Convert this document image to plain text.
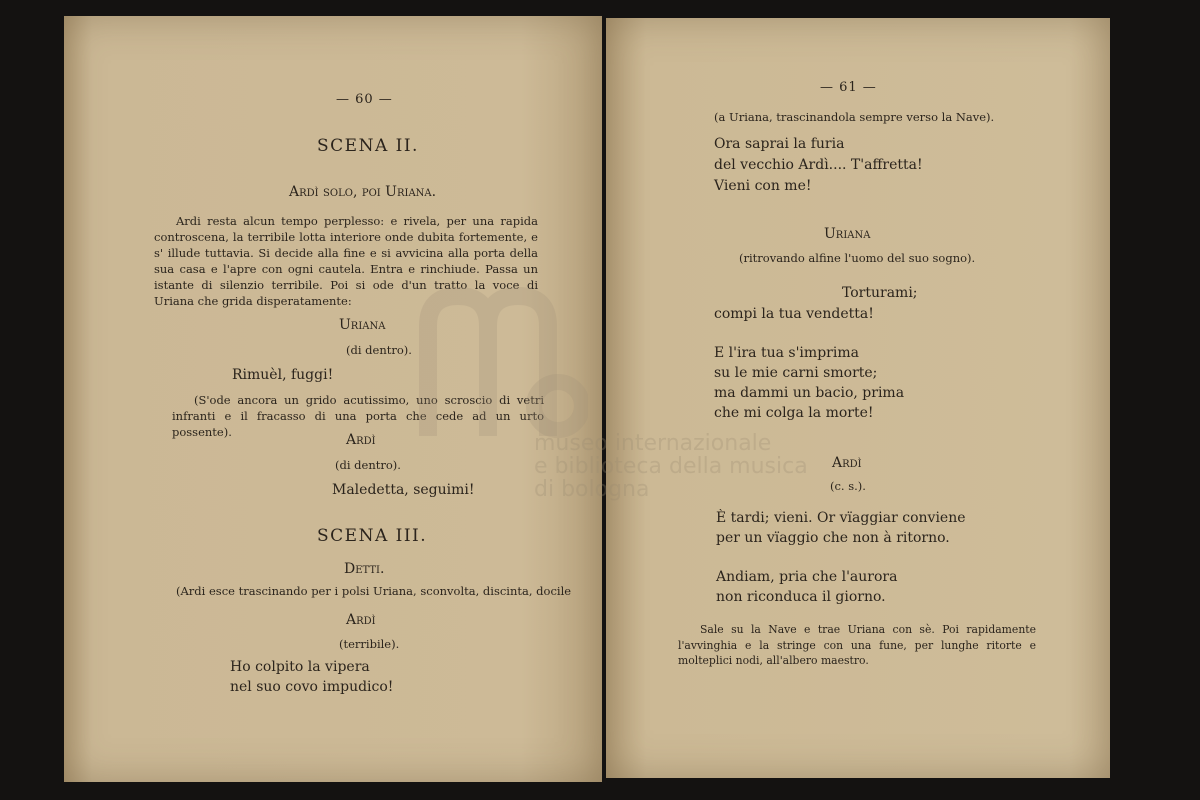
— 60 —
SCENA II.
Ardì solo, poi Uriana.
Ardi resta alcun tempo perplesso: e rivela, per una rapida controscena, la terribile lotta interiore onde dubita fortemente, e s' illude tuttavia. Si decide alla fine e si avvicina alla porta della sua casa e l'apre con ogni cautela. Entra e rinchiude. Passa un istante di silenzio terribile. Poi si ode d'un tratto la voce di Uriana che grida disperatamente:
Uriana
(di dentro).
Rimuèl, fuggi!
(S'ode ancora un grido acutissimo, uno scroscio di vetri infranti e il fracasso di una porta che cede ad un urto possente).	Ardì
(di dentro).
Maledetta, seguimi!
SCENA III.
Detti.
(Ardi esce trascinando per i polsi Uriana, sconvolta, discinta, docile
Ardì
(terribile).
Ho colpito la vipera
nel suo covo impudico!
— 61 —
(a Uriana, trascinandola sempre verso la Nave).
Ora saprai la furia
del vecchio Ardì.... T'affretta!
Vieni con me!
Uriana
(ritrovando alfine l'uomo del suo sogno).
Torturami;
compi la tua vendetta!
E l'ira tua s'imprima
su le mie carni smorte;
ma dammi un bacio, prima
che mi colga la morte!
Ardì
(c. s.).
È tardi; vieni. Or vïaggiar conviene
per un vïaggio che non à ritorno.
Andiam, pria che l'aurora
non riconduca il giorno.
Sale su la Nave e trae Uriana con sè. Poi rapidamente l'avvinghia e la stringe con una fune, per lunghe ritorte e molteplici nodi, all'albero maestro.
museo internazionale
e biblioteca della musica
di bologna
